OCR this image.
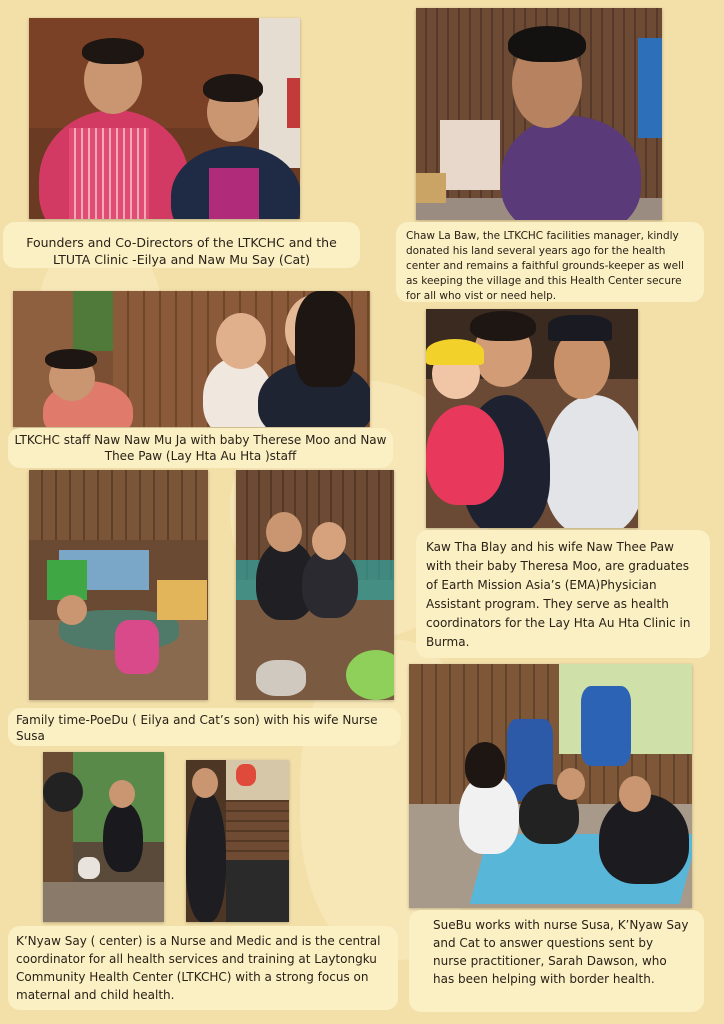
Founders and Co-Directors of the LTKCHC and the LTUTA Clinic -Eilya and Naw Mu Say (Cat)
Chaw La Baw, the LTKCHC facilities manager, kindly donated his land several years ago for the health center and remains a faithful grounds-keeper as well as keeping the village and this Health Center secure for all who vist or need help.
LTKCHC staff Naw Naw Mu Ja with baby Therese Moo and Naw Thee Paw (Lay Hta Au Hta )staff
Kaw Tha Blay and his wife Naw Thee Paw with their baby Theresa Moo, are graduates of Earth Mission Asia’s (EMA)Physician Assistant program. They serve as health coordinators for the Lay Hta Au Hta Clinic in Burma.
Family time-PoeDu ( Eilya and Cat’s son) with his wife Nurse Susa
K’Nyaw Say ( center) is a Nurse and Medic and is the central coordinator for all health services and training at Laytongku Community Health Center (LTKCHC) with a strong focus on maternal and child health.
SueBu works with nurse Susa, K’Nyaw Say and Cat to answer questions sent by nurse practitioner, Sarah Dawson, who has been helping with border health.
